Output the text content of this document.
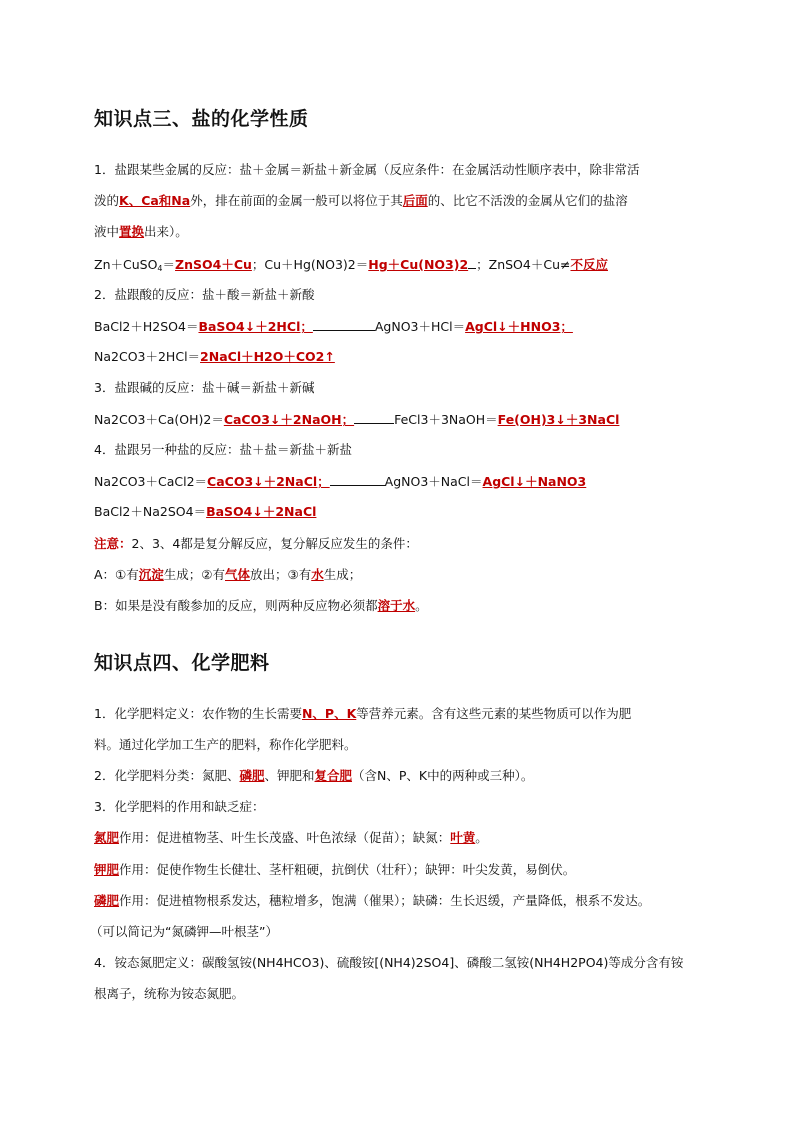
知识点三、盐的化学性质
1．盐跟某些金属的反应：盐＋金属＝新盐＋新金属（反应条件：在金属活动性顺序表中，除非常活
泼的K、Ca和Na外，排在前面的金属一般可以将位于其后面的、比它不活泼的金属从它们的盐溶
液中置换出来）。
Zn＋CuSO$_4$＝ZnSO4＋Cu；Cu＋Hg(NO3)2＝Hg＋Cu(NO3)2 ；ZnSO4＋Cu≠不反应
2．盐跟酸的反应：盐＋酸＝新盐＋新酸
BaCl2＋H2SO4＝BaSO4↓＋2HCl；	AgNO3＋HCl＝AgCl↓＋HNO3；
Na2CO3＋2HCl＝2NaCl＋H2O＋CO2↑
3．盐跟碱的反应：盐＋碱＝新盐＋新碱
Na2CO3＋Ca(OH)2＝CaCO3↓＋2NaOH；	FeCl3＋3NaOH＝Fe(OH)3↓＋3NaCl
4．盐跟另一种盐的反应：盐＋盐＝新盐＋新盐
Na2CO3＋CaCl2＝CaCO3↓＋2NaCl；	AgNO3＋NaCl＝AgCl↓＋NaNO3
BaCl2＋Na2SO4＝BaSO4↓＋2NaCl
注意：2、3、4都是复分解反应，复分解反应发生的条件：
A：①有沉淀生成；②有气体放出；③有水生成；
B：如果是没有酸参加的反应，则两种反应物必须都溶于水。
知识点四、化学肥料
1．化学肥料定义：农作物的生长需要N、P、K等营养元素。含有这些元素的某些物质可以作为肥
料。通过化学加工生产的肥料，称作化学肥料。
2．化学肥料分类：氮肥、磷肥、钾肥和复合肥（含N、P、K中的两种或三种）。
3．化学肥料的作用和缺乏症：
氮肥作用：促进植物茎、叶生长茂盛、叶色浓绿（促苗）；缺氮：叶黄。
钾肥作用：促使作物生长健壮、茎杆粗硬，抗倒伏（壮秆）；缺钾：叶尖发黄，易倒伏。
磷肥作用：促进植物根系发达，穗粒增多，饱满（催果）；缺磷：生长迟缓，产量降低，根系不发达。
（可以简记为“氮磷钾—叶根茎”）
4．铵态氮肥定义：碳酸氢铵(NH4HCO3)、硫酸铵[(NH4)2SO4]、磷酸二氢铵(NH4H2PO4)等成分含有铵
根离子，统称为铵态氮肥。
